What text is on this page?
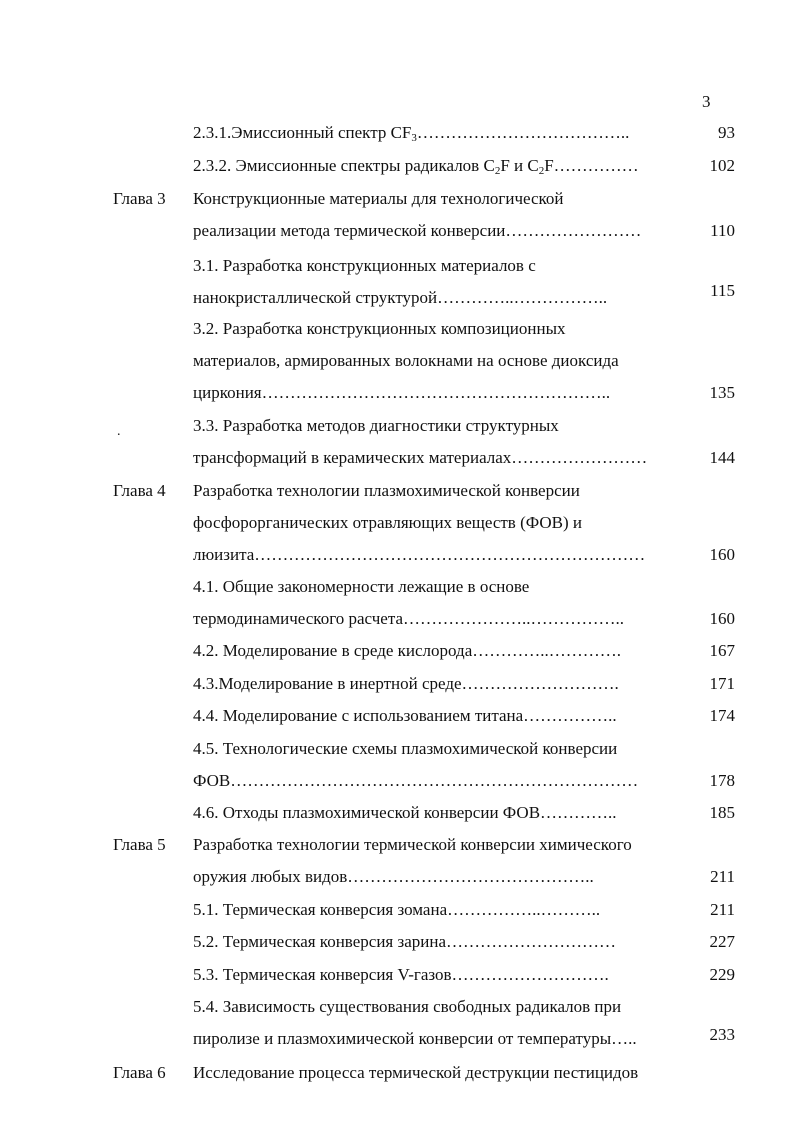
3
2.3.1.Эмиссионный спектр $CF_3\dots\dots\dots\dots\dots\dots\dots\dots\dots\dots\dots\dots$..	93
2.3.2. Эмиссионные спектры радикалов $C_2F$ и $C_2F\dots\dots\dots\dots\dots$	102
Глава 3 Конструкционные материалы для технологической
реализации метода термической конверсии……………………	110
3.1. Разработка конструкционных материалов с
нанокристаллической структурой…………..……………..	115
3.2. Разработка конструкционных композиционных
материалов, армированных волокнами на основе диоксида
циркония……………………………………………………..	135
.	3.3. Разработка методов диагностики структурных
трансформаций в керамических материалах……………………	144
Глава 4 Разработка технологии плазмохимической конверсии
фосфорорганических отравляющих веществ (ФОВ) и
люизита……………………………………………………………	160
4.1. Общие закономерности лежащие в основе
термодинамического расчета…………………..……………..	160
4.2. Моделирование в среде кислорода…………..………….	167
4.3.Моделирование в инертной среде……………………….	171
4.4. Моделирование с использованием титана……………..	174
4.5. Технологические схемы плазмохимической конверсии
ФОВ………………………………………………………………	178
4.6. Отходы плазмохимической конверсии ФОВ…………..	185
Глава 5 Разработка технологии термической конверсии химического
оружия любых видов……………………………………..	211
5.1. Термическая конверсия зомана……………..………..	211
5.2. Термическая конверсия зарина…………………………	227
5.3. Термическая конверсия V-газов……………………….	229
5.4. Зависимость существования свободных радикалов при
пиролизе и плазмохимической конверсии от температуры…..	233
Глава 6 Исследование процесса термической деструкции пестицидов
